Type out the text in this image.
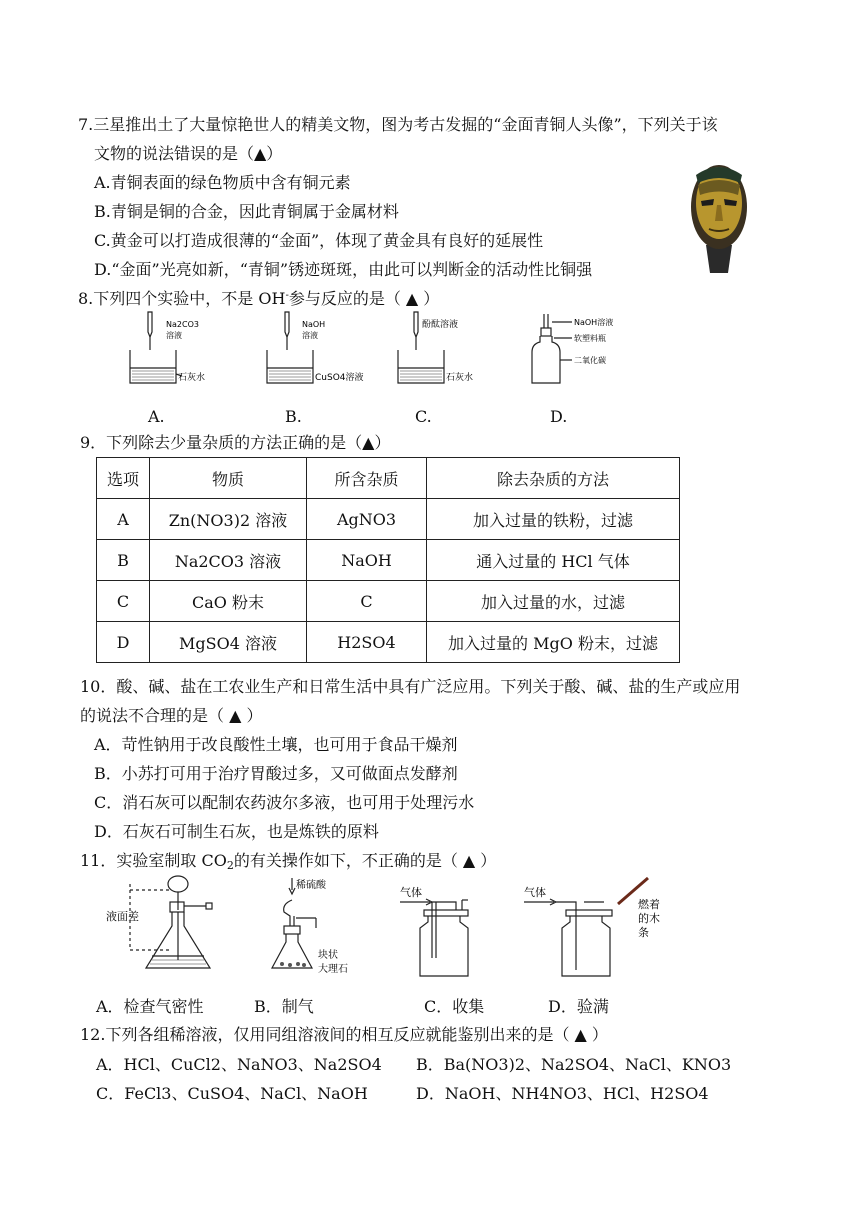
7.三星推出土了大量惊艳世人的精美文物，图为考古发掘的“金面青铜人头像”，下列关于该
文物的说法错误的是（▲）
A.青铜表面的绿色物质中含有铜元素
B.青铜是铜的合金，因此青铜属于金属材料
C.黄金可以打造成很薄的“金面”，体现了黄金具有良好的延展性
D.“金面”光亮如新，“青铜”锈迹斑斑，由此可以判断金的活动性比铜强
8.下列四个实验中，不是 OH-参与反应的是（ ▲ ）
Na2CO3
溶液
石灰水
NaOH
溶液
CuSO4溶液
酚酞溶液
石灰水
NaOH溶液
软塑料瓶
二氧化碳
A.	B.	C.	D.
9．下列除去少量杂质的方法正确的是（▲）
选项	物质	所含杂质	除去杂质的方法
A	Zn(NO3)2 溶液	AgNO3	加入过量的铁粉，过滤
B	Na2CO3 溶液	NaOH	通入过量的 HCl 气体
C	CaO 粉末	C	加入过量的水，过滤
D	MgSO4 溶液	H2SO4	加入过量的 MgO 粉末，过滤
10．酸、碱、盐在工农业生产和日常生活中具有广泛应用。下列关于酸、碱、盐的生产或应用
的说法不合理的是（ ▲ ）
A．苛性钠用于改良酸性土壤，也可用于食品干燥剂
B．小苏打可用于治疗胃酸过多，又可做面点发酵剂
C．消石灰可以配制农药波尔多液，也可用于处理污水
D．石灰石可制生石灰，也是炼铁的原料
11．实验室制取 $CO_2$的有关操作如下，不正确的是（ ▲ ）
液面差
稀硫酸
块状
大理石
气体	气体
燃着
的木
条
A．检查气密性	B．制气	C．收集	D．验满
12.下列各组稀溶液，仅用同组溶液间的相互反应就能鉴别出来的是（ ▲ ）
A．HCl、CuCl2、NaNO3、Na2SO4 B．Ba(NO3)2、Na2SO4、NaCl、KNO3
C．FeCl3、CuSO4、NaCl、NaOH	D．NaOH、NH4NO3、HCl、H2SO4
